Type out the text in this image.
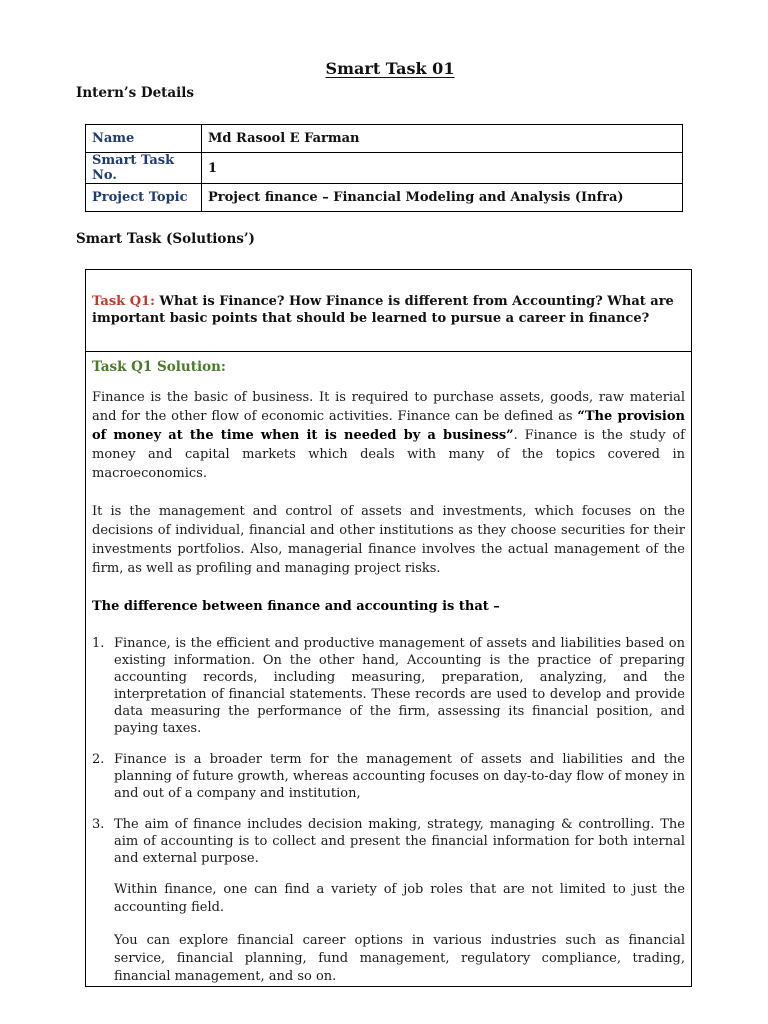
Smart Task 01
Intern’s Details
Name	Md Rasool E Farman
Smart Task No.	1
Project Topic	Project finance – Financial Modeling and Analysis (Infra)
Smart Task (Solutions’)
Task Q1: What is Finance? How Finance is different from Accounting? What are important basic points that should be learned to pursue a career in finance?
Task Q1 Solution:

Finance is the basic of business. It is required to purchase assets, goods, raw material and for the other flow of economic activities. Finance can be defined as “The provision of money at the time when it is needed by a business”. Finance is the study of money and capital markets which deals with many of the topics covered in macroeconomics.

It is the management and control of assets and investments, which focuses on the decisions of individual, financial and other institutions as they choose securities for their investments portfolios. Also, managerial finance involves the actual management of the firm, as well as profiling and managing project risks.

The difference between finance and accounting is that –

1. Finance, is the efficient and productive management of assets and liabilities based on existing information. On the other hand, Accounting is the practice of preparing accounting records, including measuring, preparation, analyzing, and the interpretation of financial statements. These records are used to develop and provide data measuring the performance of the firm, assessing its financial position, and paying taxes.
2. Finance is a broader term for the management of assets and liabilities and the planning of future growth, whereas accounting focuses on day-to-day flow of money in and out of a company and institution,
3. The aim of finance includes decision making, strategy, managing & controlling. The aim of accounting is to collect and present the financial information for both internal and external purpose.

Within finance, one can find a variety of job roles that are not limited to just the accounting field.

You can explore financial career options in various industries such as financial service, financial planning, fund management, regulatory compliance, trading, financial management, and so on.
